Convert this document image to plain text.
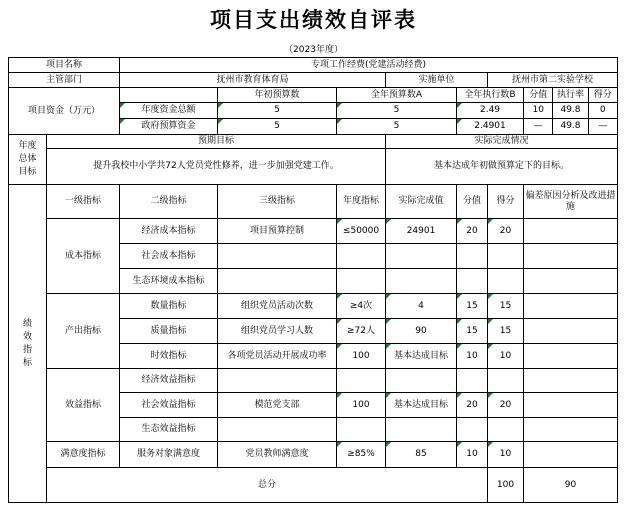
项目支出绩效自评表
（2023年度）
项目名称		专项工作经费(党建活动经费)							
主管部门		抚州市教育体育局			实施单位		抚州市第二实验学校		
项目资金（万元）			年初预算数	全年预算数A		全年执行数B		分值 执行率 得分	

		年度资金总额	5	5		2.49		10 49.8 0	

		政府预算资金	5	5		2.4901		— 49.8 —	

年度总体目标	预期目标				实际完成情况				
	提升我校中小学共72人党员党性修养，进一步加强党建工作。				基本达成年初做预算定下的目标。				
绩效指标	一级指标	二级指标	三级指标	年度指标	实际完成值	分值	得分	偏差原因分析及改进措施	
	成本指标	经济成本指标	项目预算控制	≤50000	24901	20	20		
		社会成本指标							
		生态环境成本指标							
	产出指标	数量指标	组织党员活动次数	≥4次	4	15	15		
		质量指标	组织党员学习人数	≥72人	90	15	15		
		时效指标	各项党员活动开展成功率	100	基本达成目标	10	10		
	效益指标	经济效益指标							
		社会效益指标	模范党支部	100	基本达成目标	20	20		
		生态效益指标							
	满意度指标	服务对象满意度	党员教师满意度	≥85%	85	10	10		
	总分						100	90	
